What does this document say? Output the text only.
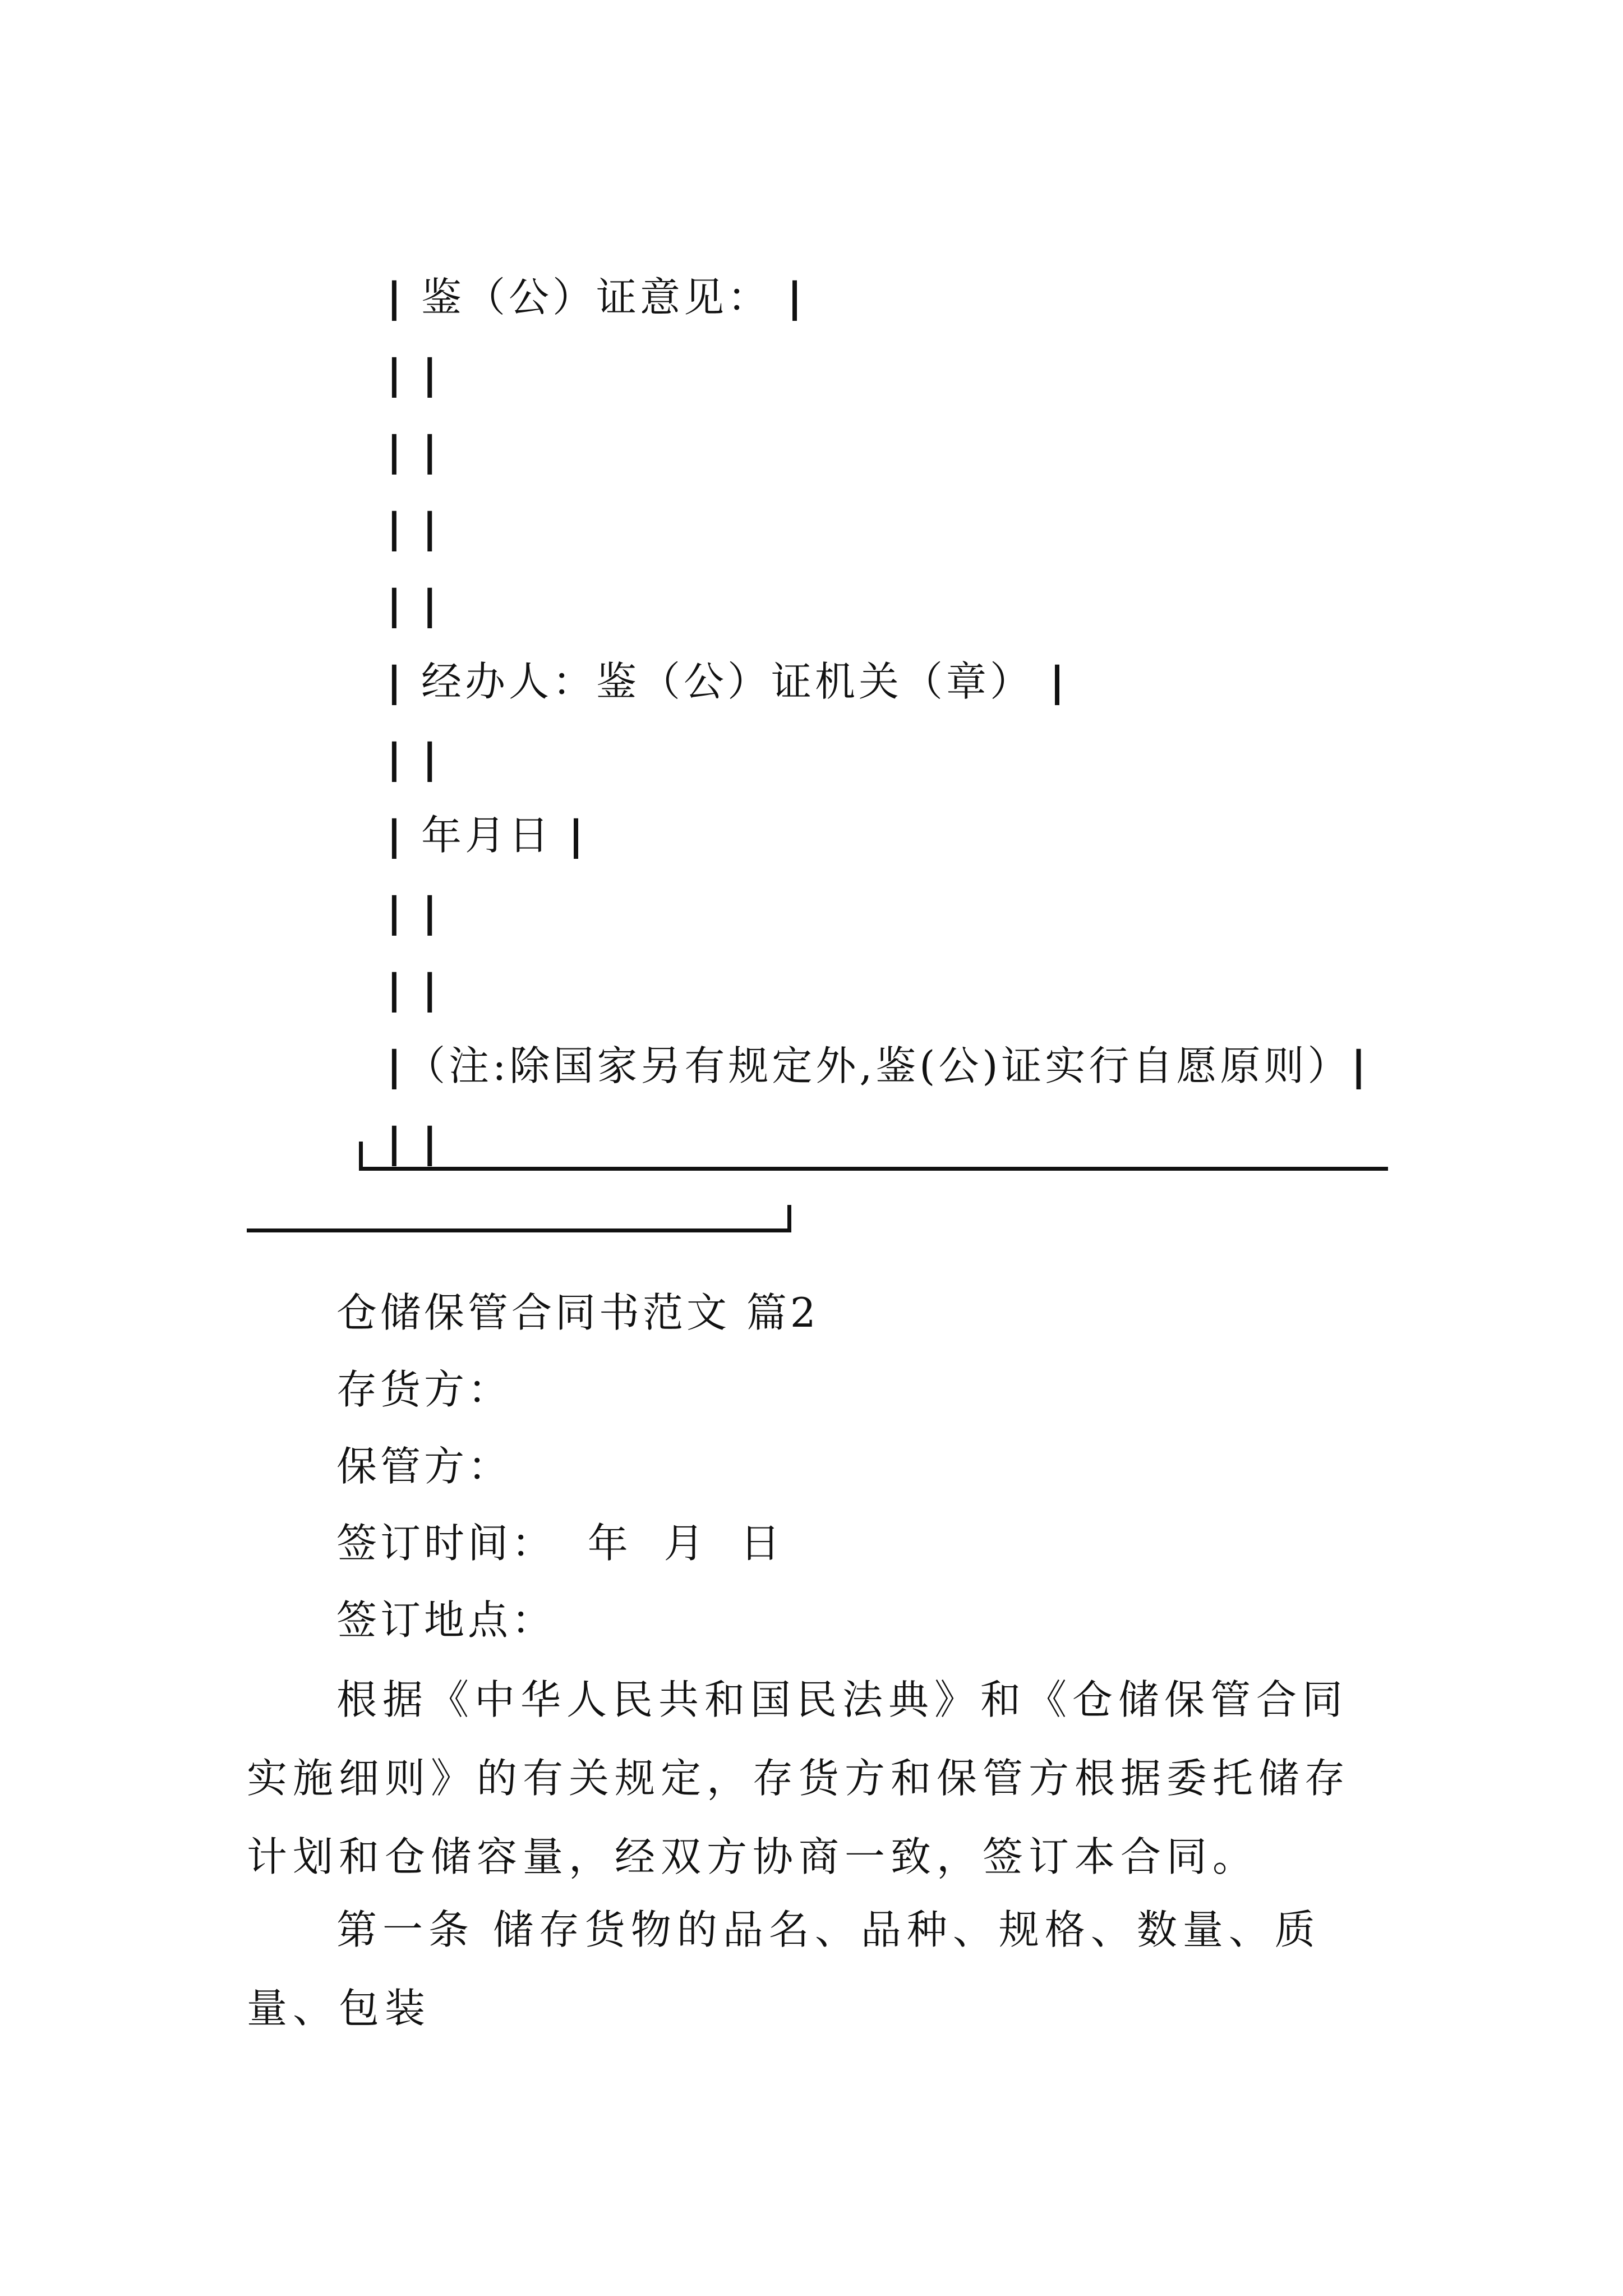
| 鉴（公）证意见： |

| |

| |

| |

| |

| 经办人：鉴（公）证机关（章） |

| |

| 年月日 |

| |

| |

|（注:除国家另有规定外,鉴(公)证实行自愿原则）|

| |

仓储保管合同书范文 篇2
存货方：
保管方：
签订时间：  年  月  日
签订地点：
根据《中华人民共和国民法典》和《仓储保管合同实施细则》的有关规定，存货方和保管方根据委托储存计划和仓储容量，经双方协商一致，签订本合同。
第一条 储存货物的品名、品种、规格、数量、质量、包装
